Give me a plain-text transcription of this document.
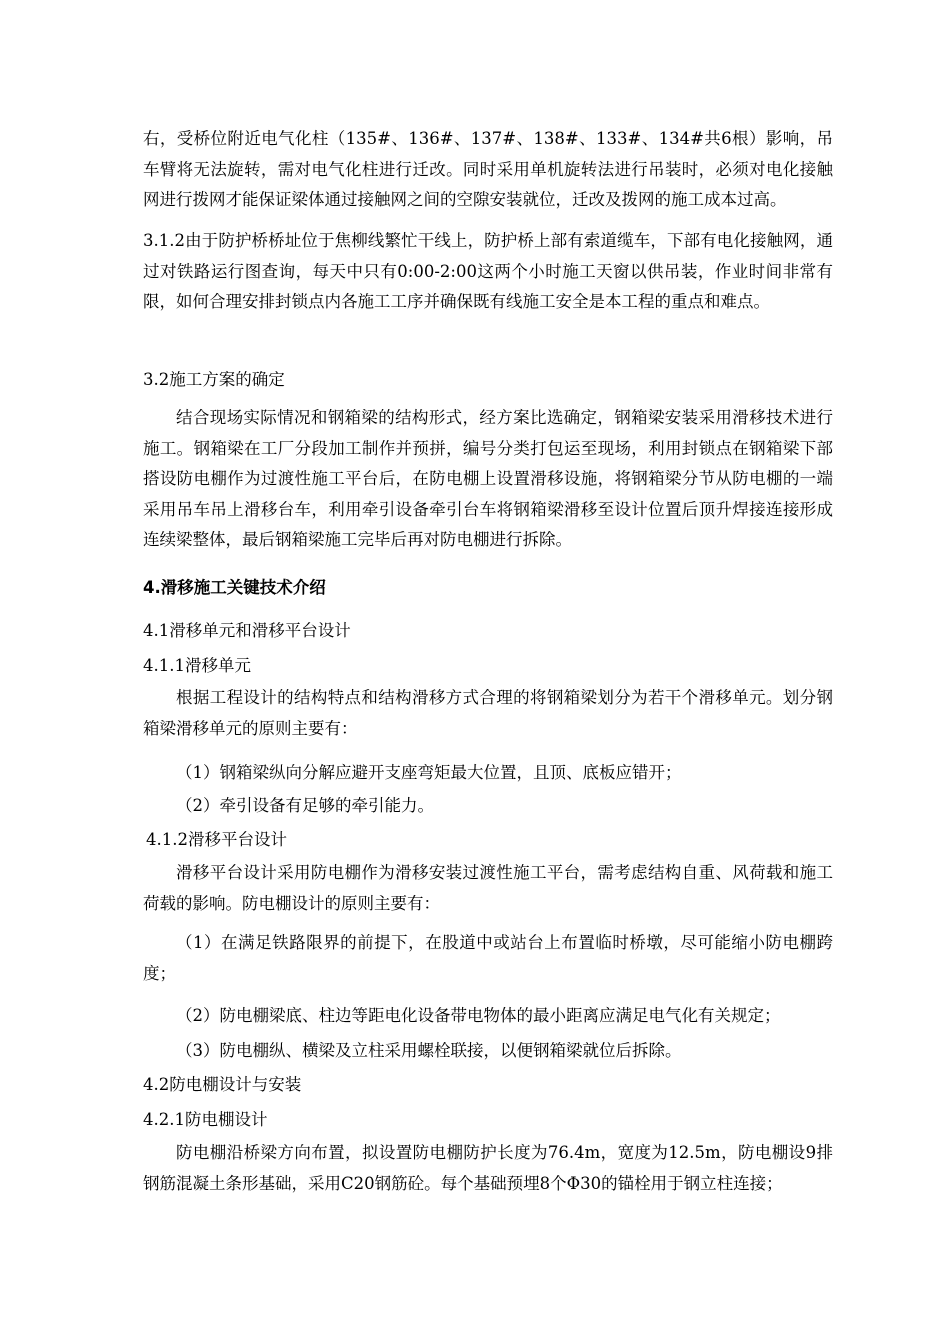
右，受桥位附近电气化柱（135#、136#、137#、138#、133#、134#共6根）影响，吊车臂将无法旋转，需对电气化柱进行迁改。同时采用单机旋转法进行吊装时，必须对电化接触网进行拨网才能保证梁体通过接触网之间的空隙安装就位，迁改及拨网的施工成本过高。

3.1.2由于防护桥桥址位于焦柳线繁忙干线上，防护桥上部有索道缆车，下部有电化接触网，通过对铁路运行图查询，每天中只有0:00-2:00这两个小时施工天窗以供吊装，作业时间非常有限，如何合理安排封锁点内各施工工序并确保既有线施工安全是本工程的重点和难点。

3.2施工方案的确定

结合现场实际情况和钢箱梁的结构形式，经方案比选确定，钢箱梁安装采用滑移技术进行施工。钢箱梁在工厂分段加工制作并预拼，编号分类打包运至现场，利用封锁点在钢箱梁下部搭设防电棚作为过渡性施工平台后，在防电棚上设置滑移设施，将钢箱梁分节从防电棚的一端采用吊车吊上滑移台车，利用牵引设备牵引台车将钢箱梁滑移至设计位置后顶升焊接连接形成连续梁整体，最后钢箱梁施工完毕后再对防电棚进行拆除。

4.滑移施工关键技术介绍

4.1滑移单元和滑移平台设计

4.1.1滑移单元

根据工程设计的结构特点和结构滑移方式合理的将钢箱梁划分为若干个滑移单元。划分钢箱梁滑移单元的原则主要有：

（1）钢箱梁纵向分解应避开支座弯矩最大位置，且顶、底板应错开；

（2）牵引设备有足够的牵引能力。

4.1.2滑移平台设计

滑移平台设计采用防电棚作为滑移安装过渡性施工平台，需考虑结构自重、风荷载和施工荷载的影响。防电棚设计的原则主要有：

（1）在满足铁路限界的前提下，在股道中或站台上布置临时桥墩，尽可能缩小防电棚跨度；

（2）防电棚梁底、柱边等距电化设备带电物体的最小距离应满足电气化有关规定；

（3）防电棚纵、横梁及立柱采用螺栓联接，以便钢箱梁就位后拆除。

4.2防电棚设计与安装

4.2.1防电棚设计

防电棚沿桥梁方向布置，拟设置防电棚防护长度为76.4m，宽度为12.5m，防电棚设9排钢筋混凝土条形基础，采用C20钢筋砼。每个基础预埋8个Φ30的锚栓用于钢立柱连接；
